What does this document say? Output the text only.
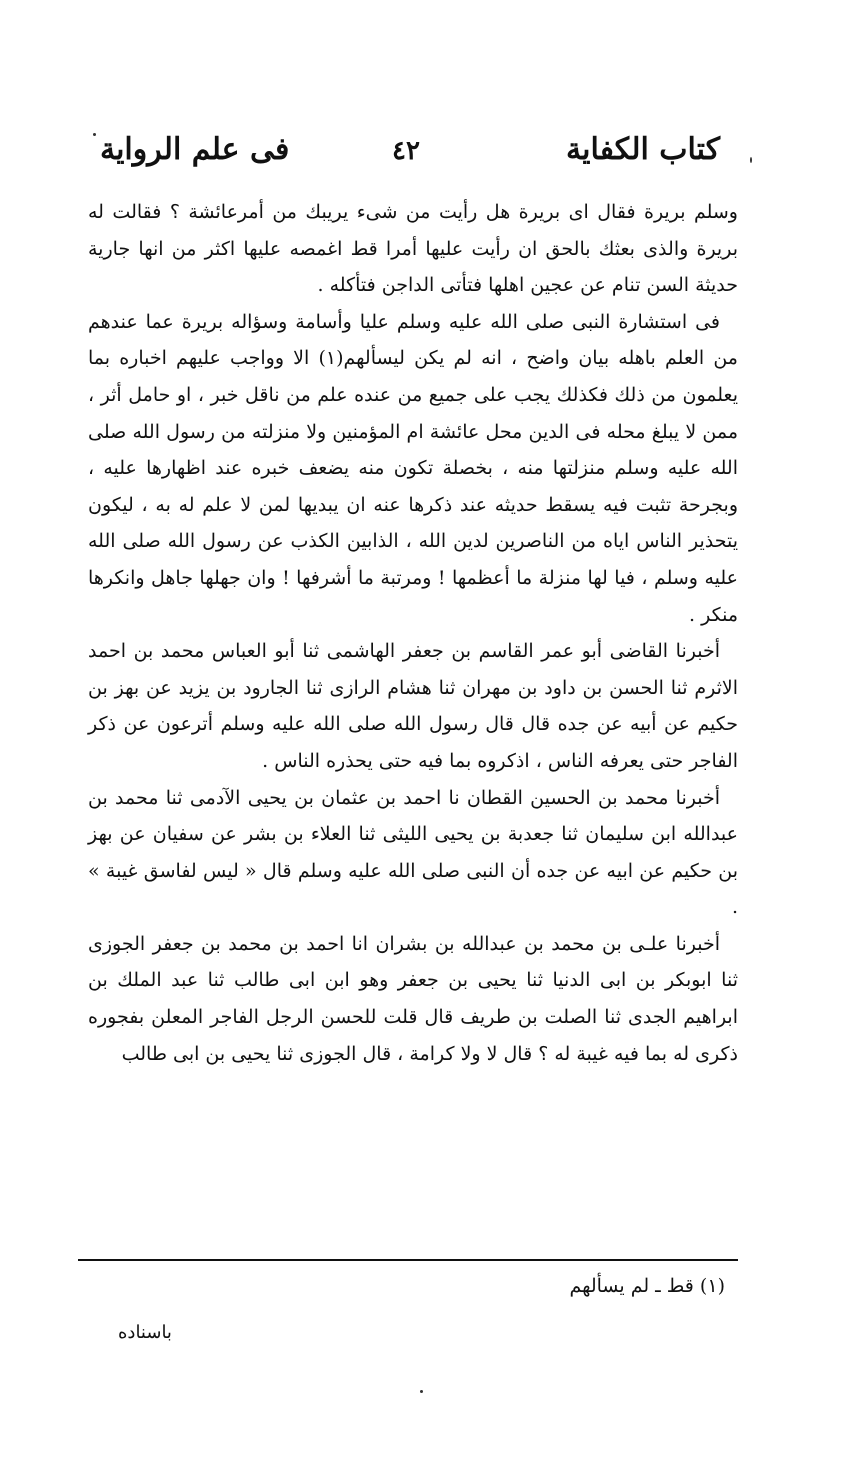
كتاب الكفاية
٤٢
فى علم الرواية

وسلم بريرة فقال اى بريرة هل رأيت من شىء يريبك من أمرعائشة ؟ فقالت له بريرة والذى بعثك بالحق ان رأيت عليها أمرا قط اغمصه عليها اكثر من انها جارية حديثة السن تنام عن عجين اهلها فتأتى الداجن فتأكله .

فى استشارة النبى صلى الله عليه وسلم عليا وأسامة وسؤاله بريرة عما عندهم من العلم باهله بيان واضح ، انه لم يكن ليسألهم(١) الا وواجب عليهم اخباره بما يعلمون من ذلك فكذلك يجب على جميع من عنده علم من ناقل خبر ، او حامل أثر ، ممن لا يبلغ محله فى الدين محل عائشة ام المؤمنين ولا منزلته من رسول الله صلى الله عليه وسلم منزلتها منه ، بخصلة تكون منه يضعف خبره عند اظهارها عليه ، وبجرحة تثبت فيه يسقط حديثه عند ذكرها عنه ان يبديها لمن لا علم له به ، ليكون يتحذير الناس اياه من الناصرين لدين الله ، الذابين الكذب عن رسول الله صلى الله عليه وسلم ، فيا لها منزلة ما أعظمها ! ومرتبة ما أشرفها ! وان جهلها جاهل وانكرها منكر .

أخبرنا القاضى أبو عمر القاسم بن جعفر الهاشمى ثنا أبو العباس محمد بن احمد الاثرم ثنا الحسن بن داود بن مهران ثنا هشام الرازى ثنا الجارود بن يزيد عن بهز بن حكيم عن أبيه عن جده قال قال رسول الله صلى الله عليه وسلم أترعون عن ذكر الفاجر حتى يعرفه الناس ، اذكروه بما فيه حتى يحذره الناس .

أخبرنا محمد بن الحسين القطان نا احمد بن عثمان بن يحيى الآدمى ثنا محمد بن عبدالله ابن سليمان ثنا جعدبة بن يحيى الليثى ثنا العلاء بن بشر عن سفيان عن بهز بن حكيم عن ابيه عن جده أن النبى صلى الله عليه وسلم قال « ليس لفاسق غيبة » .

أخبرنا علـى بن محمد بن عبدالله بن بشران انا احمد بن محمد بن جعفر الجوزى ثنا ابوبكر بن ابى الدنيا ثنا يحيى بن جعفر وهو ابن ابى طالب ثنا عبد الملك بن ابراهيم الجدى ثنا الصلت بن طريف قال قلت للحسن الرجل الفاجر المعلن بفجوره ذكرى له بما فيه غيبة له ؟ قال لا ولا كرامة ، قال الجوزى ثنا يحيى بن ابى طالب

(١) قط ـ لم يسألهم
باسناده
